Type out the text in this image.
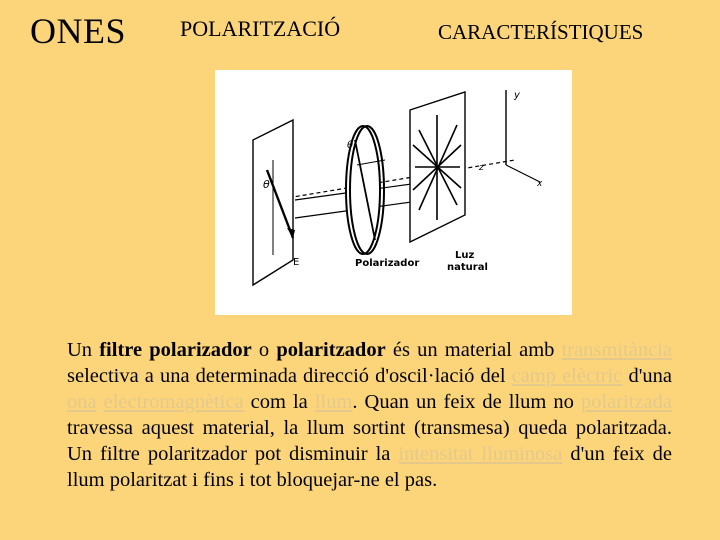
ONES POLARITZACIÓ	CARACTERÍSTIQUES
θ
E
θ
Polarizador
Luz
natural
y
x
z
Un filtre polarizador o polaritzador és un material amb transmitància selectiva a una determinada direcció d'oscil·lació del camp elèctric d'una ona electromagnètica com la llum. Quan un feix de llum no polaritzada travessa aquest material, la llum sortint (transmesa) queda polaritzada. Un filtre polaritzador pot disminuir la intensitat lluminosa d'un feix de llum polaritzat i fins i tot bloquejar-ne el pas.
